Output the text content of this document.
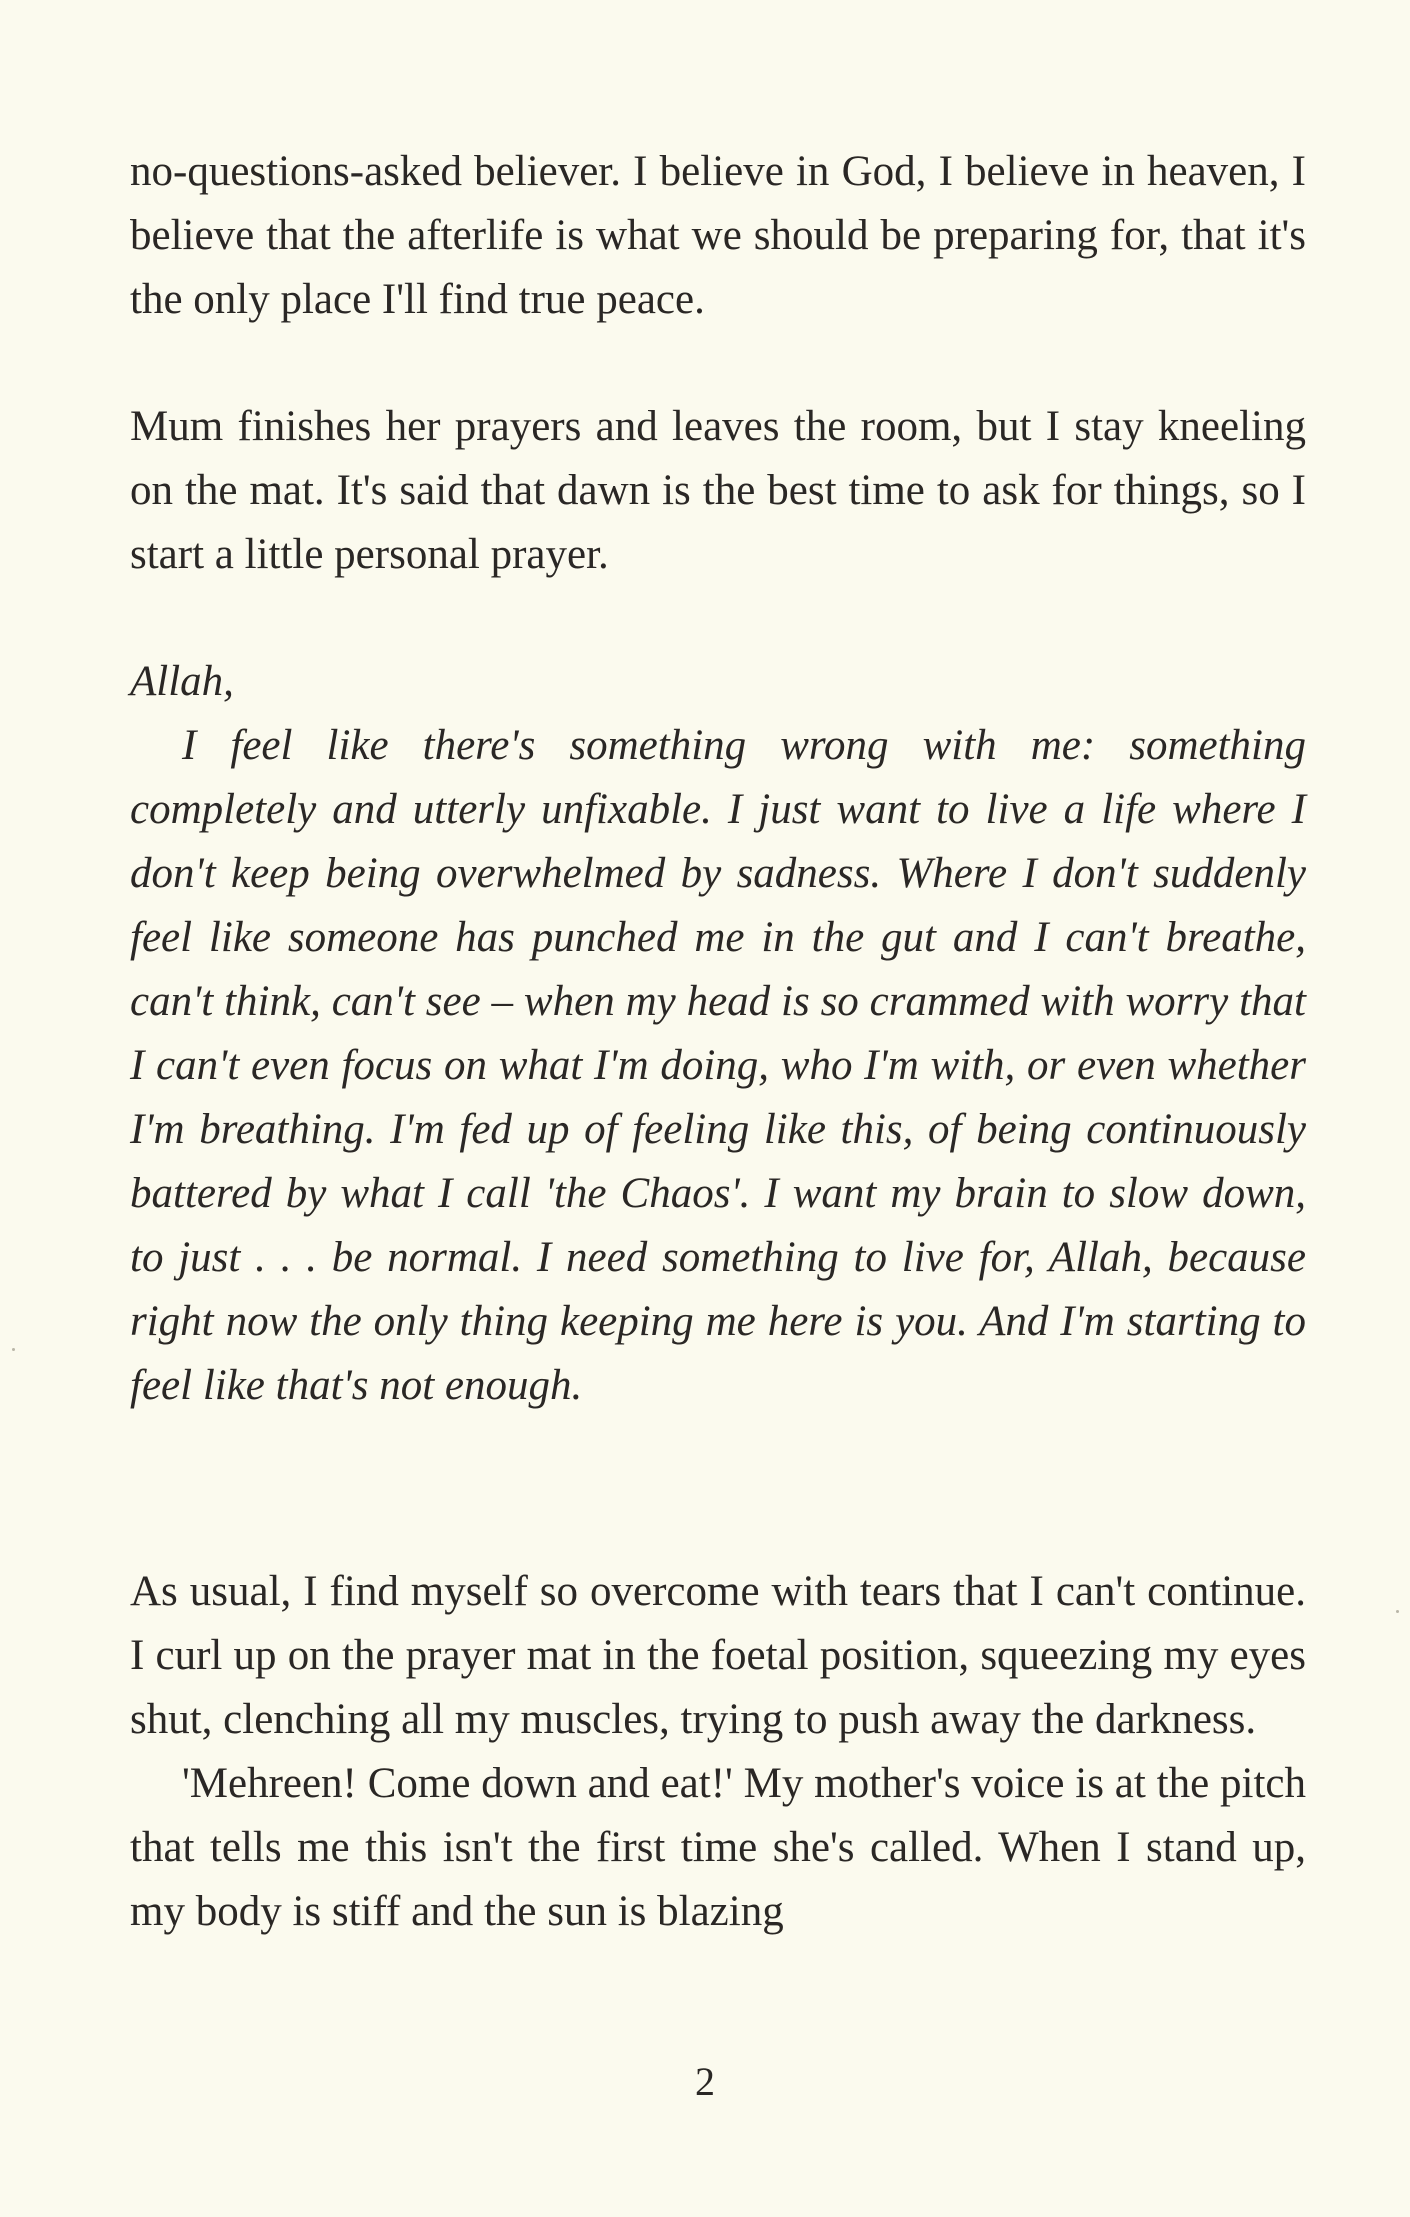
no-questions-asked believer. I believe in God, I believe in heaven, I believe that the afterlife is what we should be preparing for, that it's the only place I'll find true peace.

Mum finishes her prayers and leaves the room, but I stay kneeling on the mat. It's said that dawn is the best time to ask for things, so I start a little personal prayer.

Allah,

I feel like there's something wrong with me: something completely and utterly unfixable. I just want to live a life where I don't keep being overwhelmed by sadness. Where I don't suddenly feel like someone has punched me in the gut and I can't breathe, can't think, can't see – when my head is so crammed with worry that I can't even focus on what I'm doing, who I'm with, or even whether I'm breathing. I'm fed up of feeling like this, of being continuously battered by what I call 'the Chaos'. I want my brain to slow down, to just . . . be normal. I need something to live for, Allah, because right now the only thing keeping me here is you. And I'm starting to feel like that's not enough.

As usual, I find myself so overcome with tears that I can't continue. I curl up on the prayer mat in the foetal position, squeezing my eyes shut, clenching all my muscles, trying to push away the darkness.

'Mehreen! Come down and eat!' My mother's voice is at the pitch that tells me this isn't the first time she's called. When I stand up, my body is stiff and the sun is blazing

2
